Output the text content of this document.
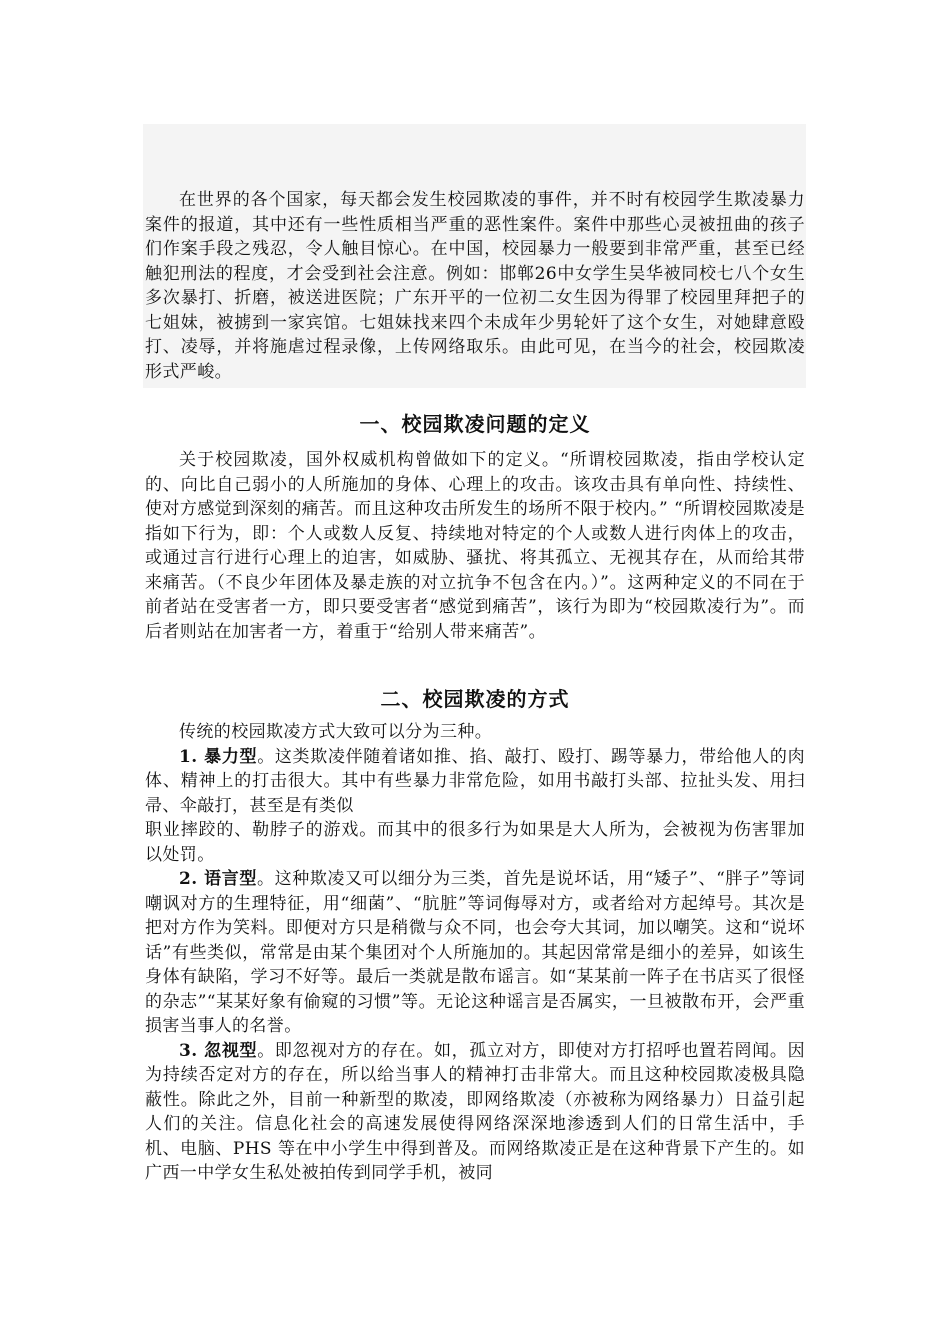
在世界的各个国家，每天都会发生校园欺凌的事件，并不时有校园学生欺凌暴力案件的报道，其中还有一些性质相当严重的恶性案件。案件中那些心灵被扭曲的孩子们作案手段之残忍，令人触目惊心。在中国，校园暴力一般要到非常严重，甚至已经触犯刑法的程度，才会受到社会注意。例如：邯郸26中女学生吴华被同校七八个女生多次暴打、折磨，被送进医院；广东开平的一位初二女生因为得罪了校园里拜把子的七姐妹，被掳到一家宾馆。七姐妹找来四个未成年少男轮奸了这个女生，对她肆意殴打、凌辱，并将施虐过程录像，上传网络取乐。由此可见，在当今的社会，校园欺凌形式严峻。

一、校园欺凌问题的定义

关于校园欺凌，国外权威机构曾做如下的定义。“所谓校园欺凌，指由学校认定的、向比自己弱小的人所施加的身体、心理上的攻击。该攻击具有单向性、持续性、使对方感觉到深刻的痛苦。而且这种攻击所发生的场所不限于校内。” “所谓校园欺凌是指如下行为，即：个人或数人反复、持续地对特定的个人或数人进行肉体上的攻击，或通过言行进行心理上的迫害，如威胁、骚扰、将其孤立、无视其存在，从而给其带来痛苦。（不良少年团体及暴走族的对立抗争不包含在内。）”。这两种定义的不同在于前者站在受害者一方，即只要受害者“感觉到痛苦”，该行为即为“校园欺凌行为”。而后者则站在加害者一方，着重于“给别人带来痛苦”。

二、校园欺凌的方式

传统的校园欺凌方式大致可以分为三种。

1. 暴力型。这类欺凌伴随着诸如推、掐、敲打、殴打、踢等暴力，带给他人的肉体、精神上的打击很大。其中有些暴力非常危险，如用书敲打头部、拉扯头发、用扫帚、伞敲打，甚至是有类似

职业摔跤的、勒脖子的游戏。而其中的很多行为如果是大人所为，会被视为伤害罪加以处罚。

2. 语言型。这种欺凌又可以细分为三类，首先是说坏话，用“矮子”、“胖子”等词嘲讽对方的生理特征，用“细菌”、“肮脏”等词侮辱对方，或者给对方起绰号。其次是把对方作为笑料。即便对方只是稍微与众不同，也会夸大其词，加以嘲笑。这和“说坏话”有些类似，常常是由某个集团对个人所施加的。其起因常常是细小的差异，如该生身体有缺陷，学习不好等。最后一类就是散布谣言。如“某某前一阵子在书店买了很怪的杂志”“某某好象有偷窥的习惯”等。无论这种谣言是否属实，一旦被散布开，会严重损害当事人的名誉。

3. 忽视型。即忽视对方的存在。如，孤立对方，即使对方打招呼也置若罔闻。因为持续否定对方的存在，所以给当事人的精神打击非常大。而且这种校园欺凌极具隐蔽性。除此之外，目前一种新型的欺凌，即网络欺凌（亦被称为网络暴力）日益引起人们的关注。信息化社会的高速发展使得网络深深地渗透到人们的日常生活中，手机、电脑、PHS 等在中小学生中得到普及。而网络欺凌正是在这种背景下产生的。如广西一中学女生私处被拍传到同学手机，被同
